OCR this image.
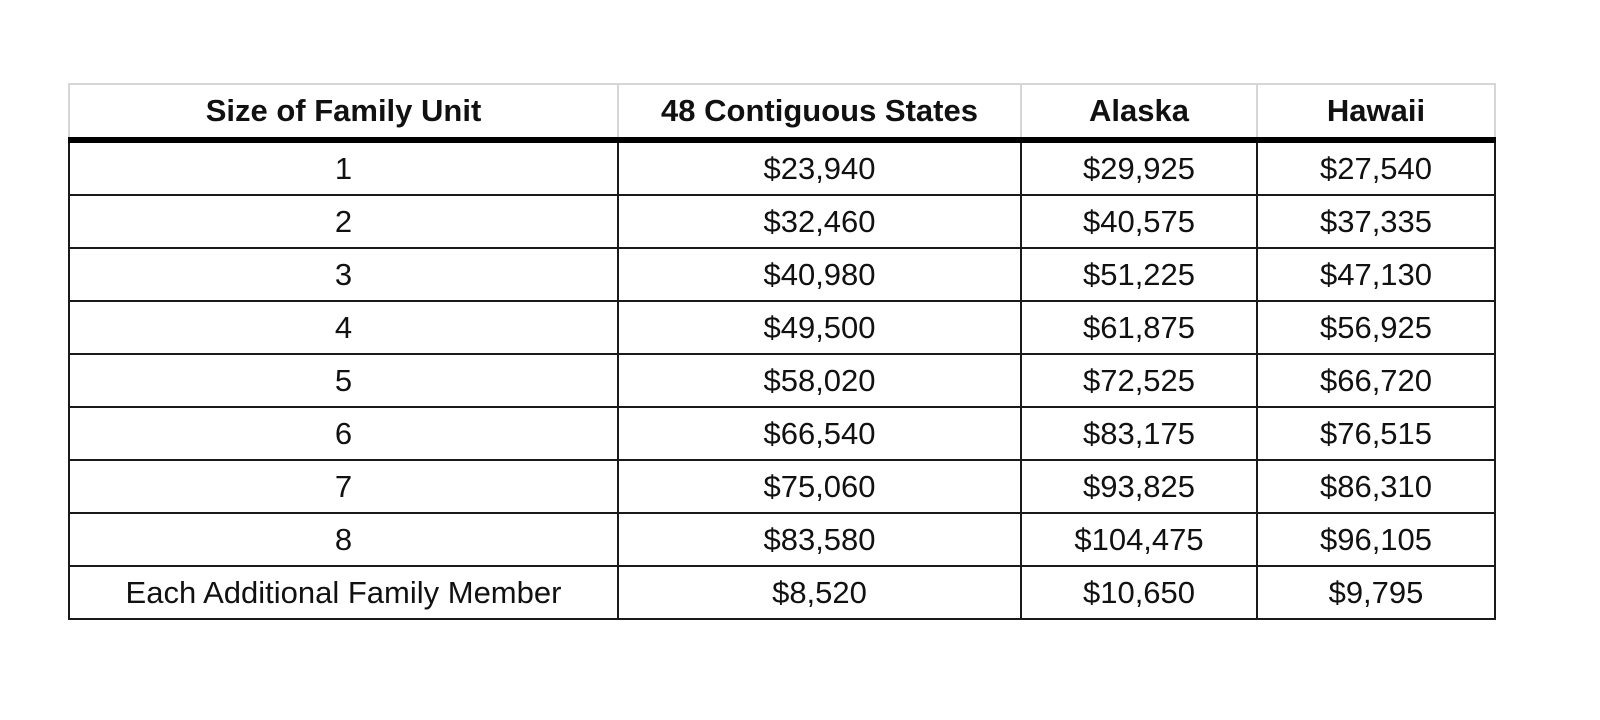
Size of Family Unit	48 Contiguous States	Alaska	Hawaii
1	$23,940	$29,925	$27,540
2	$32,460	$40,575	$37,335
3	$40,980	$51,225	$47,130
4	$49,500	$61,875	$56,925
5	$58,020	$72,525	$66,720
6	$66,540	$83,175	$76,515
7	$75,060	$93,825	$86,310
8	$83,580	$104,475	$96,105
Each Additional Family Member	$8,520	$10,650	$9,795
